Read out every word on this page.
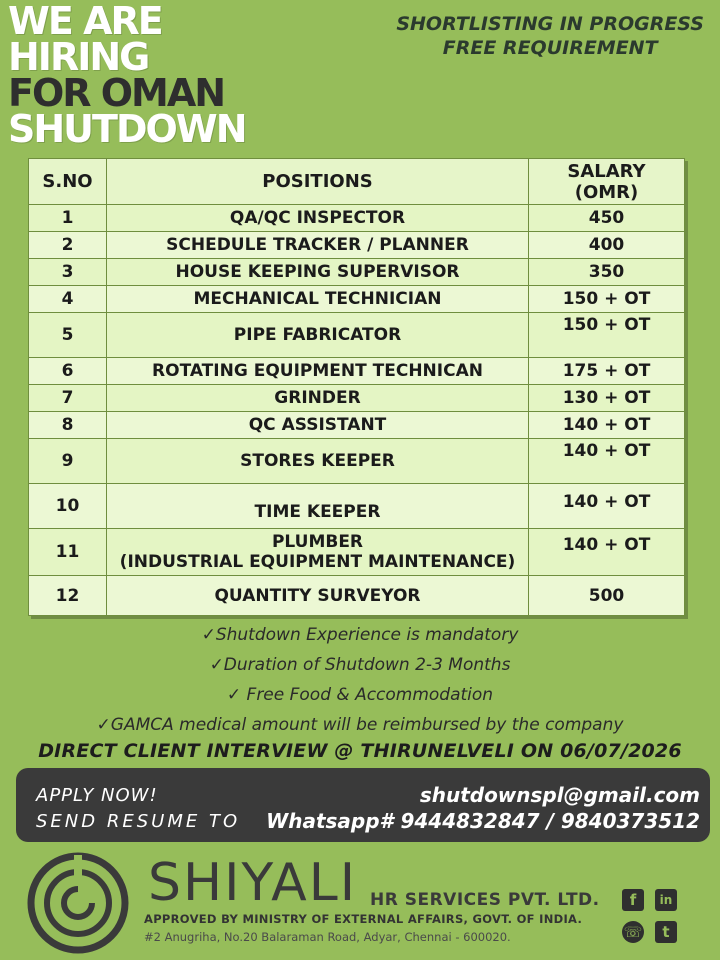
WE ARE
HIRING
FOR OMAN
SHUTDOWN
SHORTLISTING IN PROGRESS
FREE REQUIREMENT
S.NO	POSITIONS	SALARY
(OMR)

1	QA/QC INSPECTOR	450
2	SCHEDULE TRACKER / PLANNER	400
3	HOUSE KEEPING SUPERVISOR	350
4	MECHANICAL TECHNICIAN	150 + OT
5	PIPE FABRICATOR	150 + OT
6	ROTATING EQUIPMENT TECHNICAN	175 + OT
7	GRINDER	130 + OT
8	QC ASSISTANT	140 + OT
9	STORES KEEPER	140 + OT
10	TIME KEEPER	140 + OT
11	PLUMBER
(INDUSTRIAL EQUIPMENT MAINTENANCE)	140 + OT
12	QUANTITY SURVEYOR	500
✓Shutdown Experience is mandatory
✓Duration of Shutdown 2-3 Months
✓ Free Food & Accommodation
✓GAMCA medical amount will be reimbursed by the company
DIRECT CLIENT INTERVIEW @ THIRUNELVELI ON 06/07/2026
APPLY NOW!
SEND RESUME TO
shutdownspl@gmail.com
Whatsapp# 9444832847 / 9840373512
SHIYALI HR SERVICES PVT. LTD.
APPROVED BY MINISTRY OF EXTERNAL AFFAIRS, GOVT. OF INDIA.
#2 Anugriha, No.20 Balaraman Road, Adyar, Chennai - 600020.
f	in
☏	t
